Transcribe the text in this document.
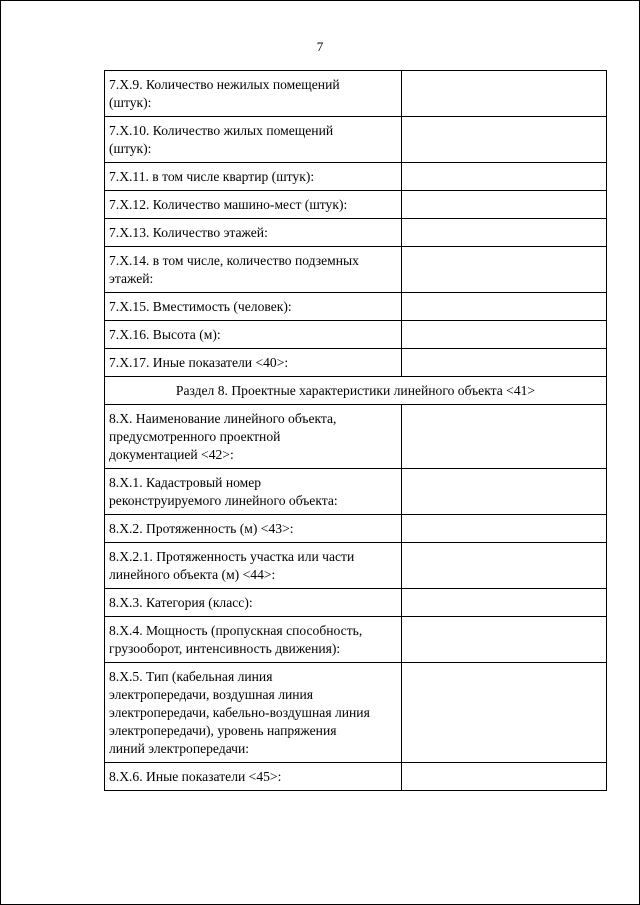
7
7.X.9. Количество нежилых помещений
(штук):	

7.X.10. Количество жилых помещений
(штук):	

7.X.11. в том числе квартир (штук):	

7.X.12. Количество машино-мест (штук):	

7.X.13. Количество этажей:	

7.X.14. в том числе, количество подземных
этажей:	

7.X.15. Вместимость (человек):	

7.X.16. Высота (м):	

7.X.17. Иные показатели <40>:	

Раздел 8. Проектные характеристики линейного объекта <41>	

8.X. Наименование линейного объекта,
предусмотренного проектной
документацией <42>:	

8.X.1. Кадастровый номер
реконструируемого линейного объекта:	

8.X.2. Протяженность (м) <43>:	

8.X.2.1. Протяженность участка или части
линейного объекта (м) <44>:	

8.X.3. Категория (класс):	

8.X.4. Мощность (пропускная способность,
грузооборот, интенсивность движения):	

8.X.5. Тип (кабельная линия
электропередачи, воздушная линия
электропередачи, кабельно-воздушная линия
электропередачи), уровень напряжения
линий электропередачи:	

8.X.6. Иные показатели <45>:	
